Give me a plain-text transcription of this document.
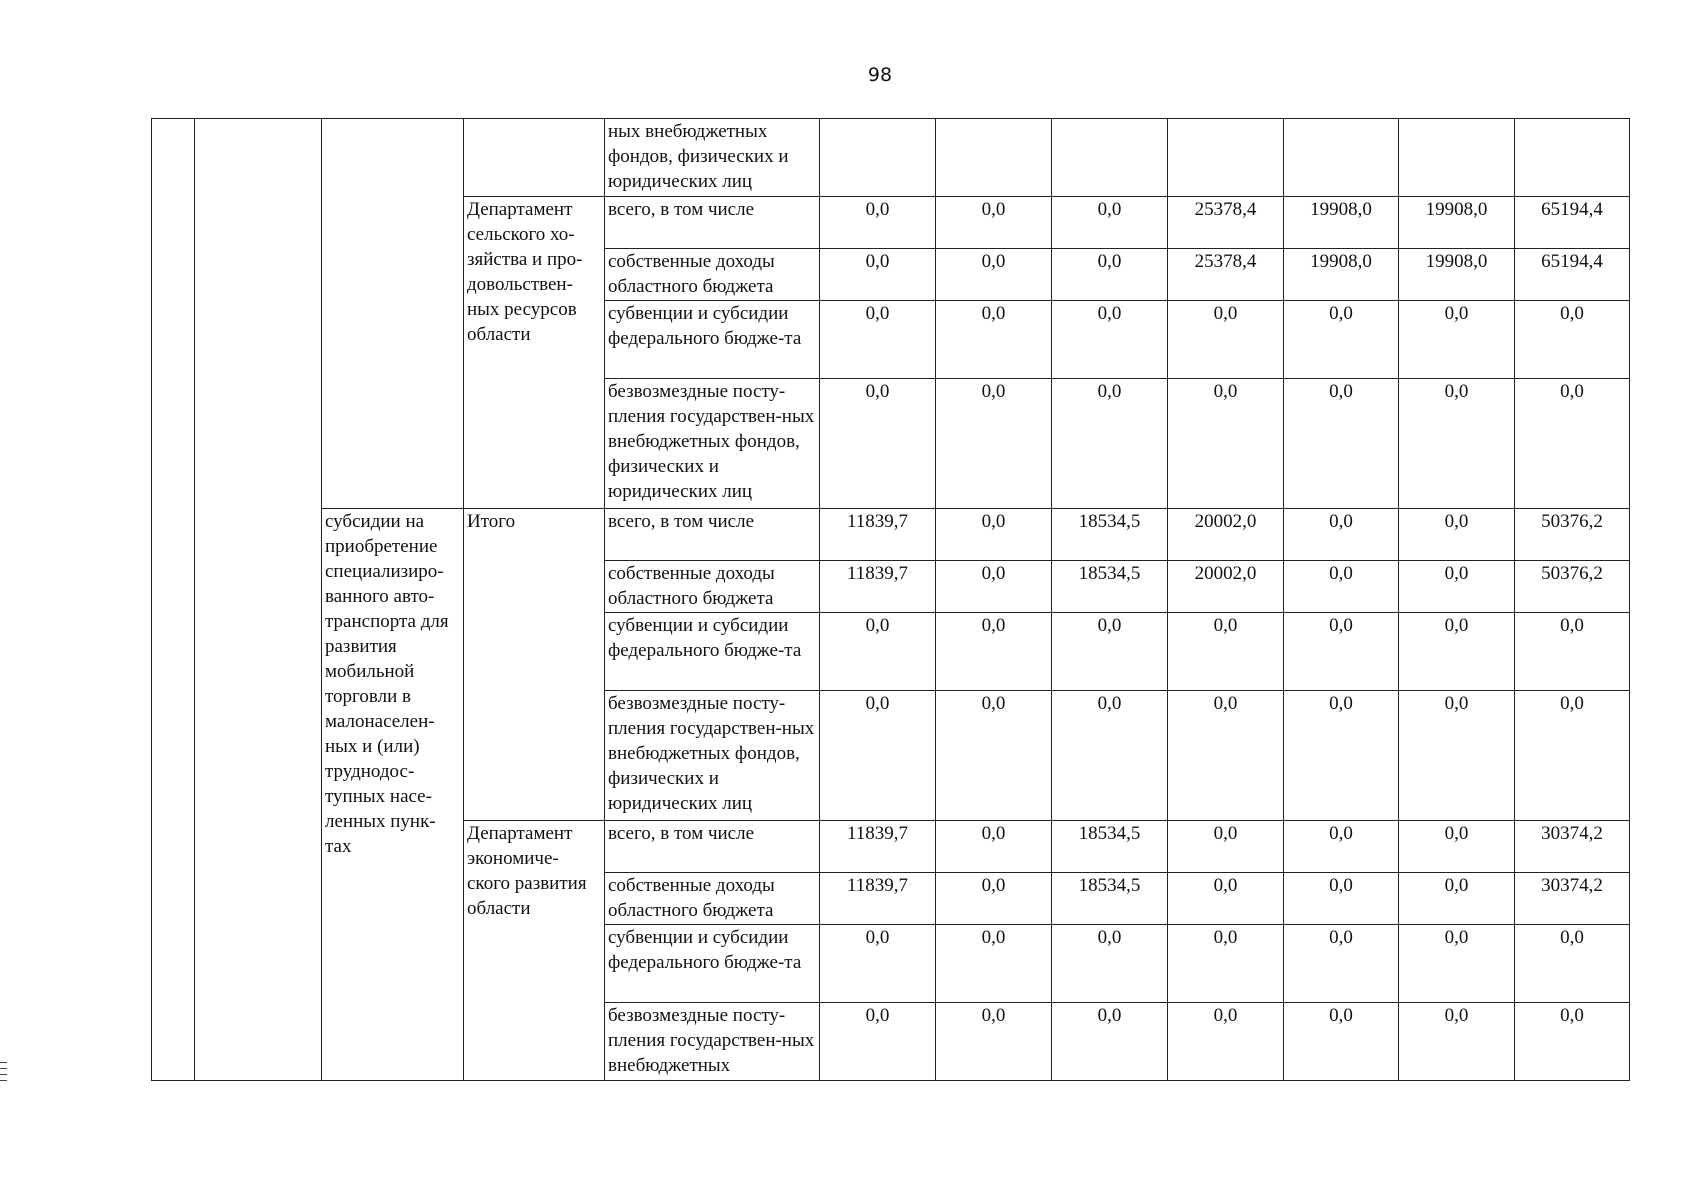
98
				ных внебюджетных фондов, физических и юридических лиц							
			Департамент сельского хо-зяйства и про-довольствен-ных ресурсов области	всего, в том числе	0,0	0,0	0,0	25378,4	19908,0	19908,0	65194,4
				собственные доходы областного бюджета	0,0	0,0	0,0	25378,4	19908,0	19908,0	65194,4
				субвенции и субсидии федерального бюдже-та	0,0	0,0	0,0	0,0	0,0	0,0	0,0
				безвозмездные посту-пления государствен-ных внебюджетных фондов, физических и юридических лиц	0,0	0,0	0,0	0,0	0,0	0,0	0,0
		субсидии на приобретение специализиро-ванного авто-транспорта для развития мобильной торговли в малонаселен-ных и (или) труднодос-тупных насе-ленных пунк-тах	Итого	всего, в том числе	11839,7	0,0	18534,5	20002,0	0,0	0,0	50376,2
				собственные доходы областного бюджета	11839,7	0,0	18534,5	20002,0	0,0	0,0	50376,2
				субвенции и субсидии федерального бюдже-та	0,0	0,0	0,0	0,0	0,0	0,0	0,0
				безвозмездные посту-пления государствен-ных внебюджетных фондов, физических и юридических лиц	0,0	0,0	0,0	0,0	0,0	0,0	0,0
			Департамент экономиче-ского развития области	всего, в том числе	11839,7	0,0	18534,5	0,0	0,0	0,0	30374,2
				собственные доходы областного бюджета	11839,7	0,0	18534,5	0,0	0,0	0,0	30374,2
				субвенции и субсидии федерального бюдже-та	0,0	0,0	0,0	0,0	0,0	0,0	0,0
				безвозмездные посту-пления государствен-ных внебюджетных	0,0	0,0	0,0	0,0	0,0	0,0	0,0
